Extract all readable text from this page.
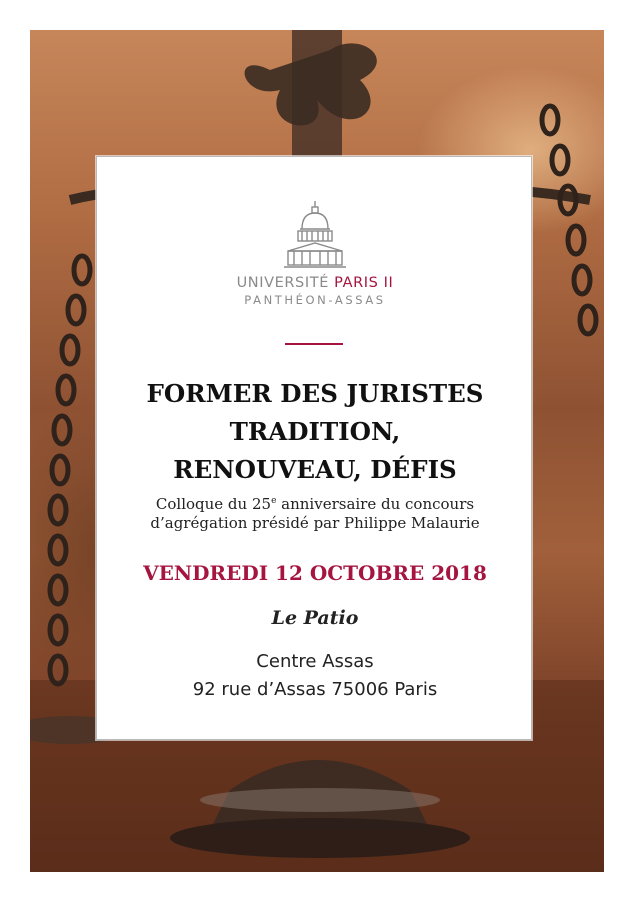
UNIVERSITÉ PARIS II
PANTHÉON-ASSAS
FORMER DES JURISTES
TRADITION,
RENOUVEAU, DÉFIS
Colloque du 25e anniversaire du concours
d’agrégation présidé par Philippe Malaurie
VENDREDI 12 OCTOBRE 2018
Le Patio
Centre Assas
92 rue d’Assas 75006 Paris
